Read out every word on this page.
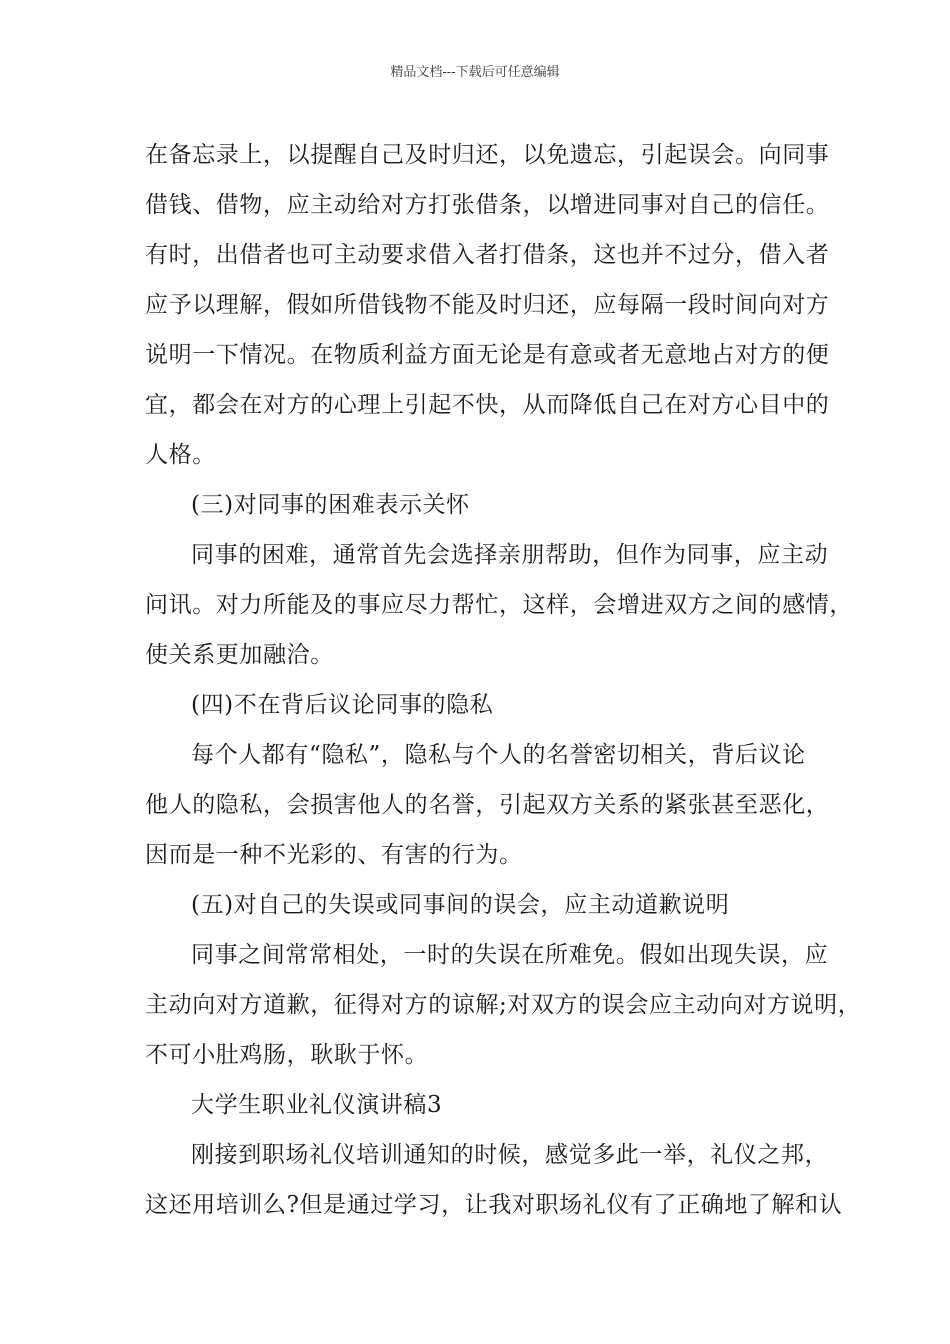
精品文档---下载后可任意编辑
在备忘录上，以提醒自己及时归还，以免遗忘，引起误会。向同事
借钱、借物，应主动给对方打张借条，以增进同事对自己的信任。
有时，出借者也可主动要求借入者打借条，这也并不过分，借入者
应予以理解，假如所借钱物不能及时归还，应每隔一段时间向对方
说明一下情况。在物质利益方面无论是有意或者无意地占对方的便
宜，都会在对方的心理上引起不快，从而降低自己在对方心目中的
人格。
(三)对同事的困难表示关怀
同事的困难，通常首先会选择亲朋帮助，但作为同事，应主动
问讯。对力所能及的事应尽力帮忙，这样，会增进双方之间的感情，
使关系更加融洽。
(四)不在背后议论同事的隐私
每个人都有“隐私”，隐私与个人的名誉密切相关，背后议论
他人的隐私，会损害他人的名誉，引起双方关系的紧张甚至恶化，
因而是一种不光彩的、有害的行为。
(五)对自己的失误或同事间的误会，应主动道歉说明
同事之间常常相处，一时的失误在所难免。假如出现失误，应
主动向对方道歉，征得对方的谅解;对双方的误会应主动向对方说明，
不可小肚鸡肠，耿耿于怀。
大学生职业礼仪演讲稿3
刚接到职场礼仪培训通知的时候，感觉多此一举，礼仪之邦，
这还用培训么?但是通过学习，让我对职场礼仪有了正确地了解和认
